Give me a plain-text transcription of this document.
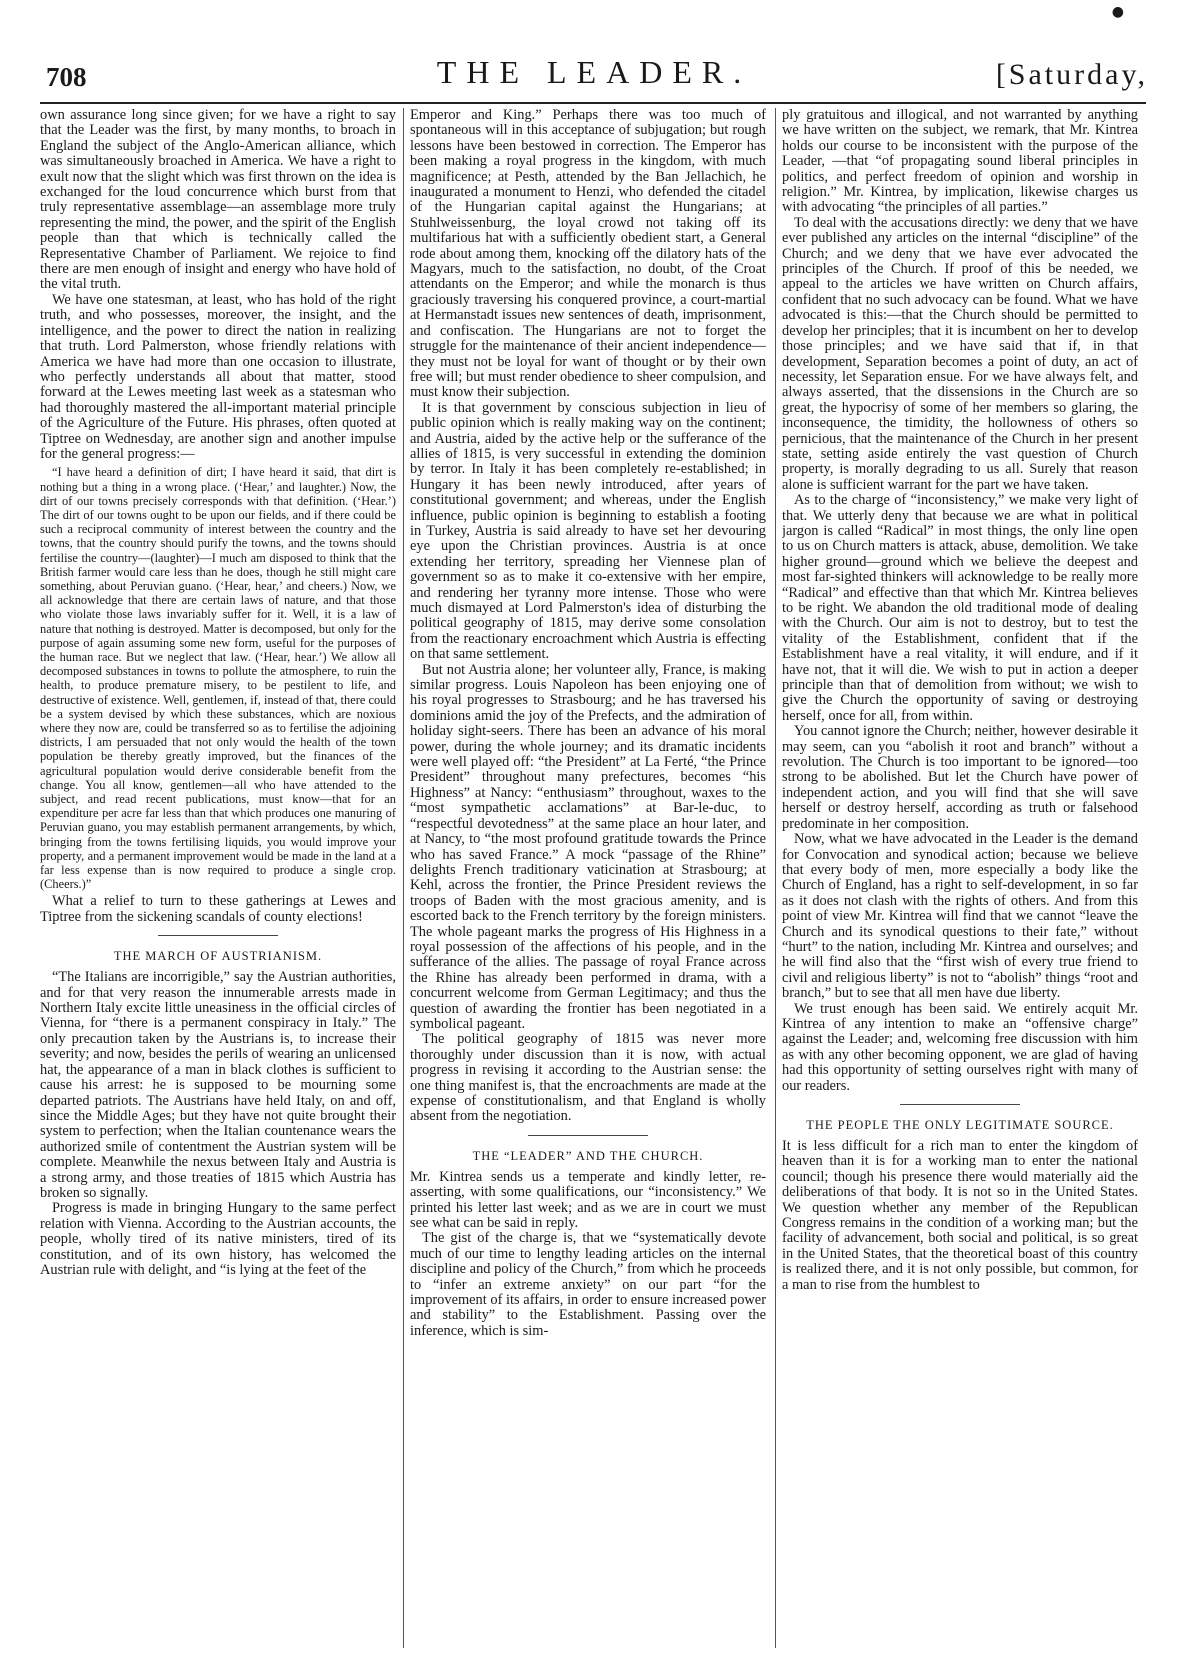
708	THE LEADER.	[Saturday,
●

own assurance long since given; for we have a right to say that the Leader was the first, by many months, to broach in England the subject of the Anglo-American alliance, which was simultaneously broached in America. We have a right to exult now that the slight which was first thrown on the idea is exchanged for the loud concurrence which burst from that truly representative assemblage—an assemblage more truly representing the mind, the power, and the spirit of the English people than that which is technically called the Representative Chamber of Parliament. We rejoice to find there are men enough of insight and energy who have hold of the vital truth.

We have one statesman, at least, who has hold of the right truth, and who possesses, moreover, the insight, and the intelligence, and the power to direct the nation in realizing that truth. Lord Palmerston, whose friendly relations with America we have had more than one occasion to illustrate, who perfectly understands all about that matter, stood forward at the Lewes meeting last week as a statesman who had thoroughly mastered the all-important material principle of the Agriculture of the Future. His phrases, often quoted at Tiptree on Wednesday, are another sign and another impulse for the general progress:—

“I have heard a definition of dirt; I have heard it said, that dirt is nothing but a thing in a wrong place. (‘Hear,’ and laughter.) Now, the dirt of our towns precisely corresponds with that definition. (‘Hear.’) The dirt of our towns ought to be upon our fields, and if there could be such a reciprocal community of interest between the country and the towns, that the country should purify the towns, and the towns should fertilise the country—(laughter)—I much am disposed to think that the British farmer would care less than he does, though he still might care something, about Peruvian guano. (‘Hear, hear,’ and cheers.) Now, we all acknowledge that there are certain laws of nature, and that those who violate those laws invariably suffer for it. Well, it is a law of nature that nothing is destroyed. Matter is decomposed, but only for the purpose of again assuming some new form, useful for the purposes of the human race. But we neglect that law. (‘Hear, hear.’) We allow all decomposed substances in towns to pollute the atmosphere, to ruin the health, to produce premature misery, to be pestilent to life, and destructive of existence. Well, gentlemen, if, instead of that, there could be a system devised by which these substances, which are noxious where they now are, could be transferred so as to fertilise the adjoining districts, I am persuaded that not only would the health of the town population be thereby greatly improved, but the finances of the agricultural population would derive considerable benefit from the change. You all know, gentlemen—all who have attended to the subject, and read recent publications, must know—that for an expenditure per acre far less than that which produces one manuring of Peruvian guano, you may establish permanent arrangements, by which, bringing from the towns fertilising liquids, you would improve your property, and a permanent improvement would be made in the land at a far less expense than is now required to produce a single crop. (Cheers.)”

What a relief to turn to these gatherings at Lewes and Tiptree from the sickening scandals of county elections!

THE MARCH OF AUSTRIANISM.

“The Italians are incorrigible,” say the Austrian authorities, and for that very reason the innumerable arrests made in Northern Italy excite little uneasiness in the official circles of Vienna, for “there is a permanent conspiracy in Italy.” The only precaution taken by the Austrians is, to increase their severity; and now, besides the perils of wearing an unlicensed hat, the appearance of a man in black clothes is sufficient to cause his arrest: he is supposed to be mourning some departed patriots. The Austrians have held Italy, on and off, since the Middle Ages; but they have not quite brought their system to perfection; when the Italian countenance wears the authorized smile of contentment the Austrian system will be complete. Meanwhile the nexus between Italy and Austria is a strong army, and those treaties of 1815 which Austria has broken so signally.

Progress is made in bringing Hungary to the same perfect relation with Vienna. According to the Austrian accounts, the people, wholly tired of its native ministers, tired of its constitution, and of its own history, has welcomed the Austrian rule with delight, and “is lying at the feet of the

Emperor and King.” Perhaps there was too much of spontaneous will in this acceptance of subjugation; but rough lessons have been bestowed in correction. The Emperor has been making a royal progress in the kingdom, with much magnificence; at Pesth, attended by the Ban Jellachich, he inaugurated a monument to Henzi, who defended the citadel of the Hungarian capital against the Hungarians; at Stuhlweissenburg, the loyal crowd not taking off its multifarious hat with a sufficiently obedient start, a General rode about among them, knocking off the dilatory hats of the Magyars, much to the satisfaction, no doubt, of the Croat attendants on the Emperor; and while the monarch is thus graciously traversing his conquered province, a court-martial at Hermanstadt issues new sentences of death, imprisonment, and confiscation. The Hungarians are not to forget the struggle for the maintenance of their ancient independence—they must not be loyal for want of thought or by their own free will; but must render obedience to sheer compulsion, and must know their subjection.

It is that government by conscious subjection in lieu of public opinion which is really making way on the continent; and Austria, aided by the active help or the sufferance of the allies of 1815, is very successful in extending the dominion by terror. In Italy it has been completely re-established; in Hungary it has been newly introduced, after years of constitutional government; and whereas, under the English influence, public opinion is beginning to establish a footing in Turkey, Austria is said already to have set her devouring eye upon the Christian provinces. Austria is at once extending her territory, spreading her Viennese plan of government so as to make it co-extensive with her empire, and rendering her tyranny more intense. Those who were much dismayed at Lord Palmerston's idea of disturbing the political geography of 1815, may derive some consolation from the reactionary encroachment which Austria is effecting on that same settlement.

But not Austria alone; her volunteer ally, France, is making similar progress. Louis Napoleon has been enjoying one of his royal progresses to Strasbourg; and he has traversed his dominions amid the joy of the Prefects, and the admiration of holiday sight-seers. There has been an advance of his moral power, during the whole journey; and its dramatic incidents were well played off: “the President” at La Ferté, “the Prince President” throughout many prefectures, becomes “his Highness” at Nancy: “enthusiasm” throughout, waxes to the “most sympathetic acclamations” at Bar-le-duc, to “respectful devotedness” at the same place an hour later, and at Nancy, to “the most profound gratitude towards the Prince who has saved France.” A mock “passage of the Rhine” delights French traditionary vaticination at Strasbourg; at Kehl, across the frontier, the Prince President reviews the troops of Baden with the most gracious amenity, and is escorted back to the French territory by the foreign ministers. The whole pageant marks the progress of His Highness in a royal possession of the affections of his people, and in the sufferance of the allies. The passage of royal France across the Rhine has already been performed in drama, with a concurrent welcome from German Legitimacy; and thus the question of awarding the frontier has been negotiated in a symbolical pageant.

The political geography of 1815 was never more thoroughly under discussion than it is now, with actual progress in revising it according to the Austrian sense: the one thing manifest is, that the encroachments are made at the expense of constitutionalism, and that England is wholly absent from the negotiation.

THE “LEADER” AND THE CHURCH.

Mr. Kintrea sends us a temperate and kindly letter, re-asserting, with some qualifications, our “inconsistency.” We printed his letter last week; and as we are in court we must see what can be said in reply.

The gist of the charge is, that we “systematically devote much of our time to lengthy leading articles on the internal discipline and policy of the Church,” from which he proceeds to “infer an extreme anxiety” on our part “for the improvement of its affairs, in order to ensure increased power and stability” to the Establishment. Passing over the inference, which is sim-

ply gratuitous and illogical, and not warranted by anything we have written on the subject, we remark, that Mr. Kintrea holds our course to be inconsistent with the purpose of the Leader, —that “of propagating sound liberal principles in politics, and perfect freedom of opinion and worship in religion.” Mr. Kintrea, by implication, likewise charges us with advocating “the principles of all parties.”

To deal with the accusations directly: we deny that we have ever published any articles on the internal “discipline” of the Church; and we deny that we have ever advocated the principles of the Church. If proof of this be needed, we appeal to the articles we have written on Church affairs, confident that no such advocacy can be found. What we have advocated is this:—that the Church should be permitted to develop her principles; that it is incumbent on her to develop those principles; and we have said that if, in that development, Separation becomes a point of duty, an act of necessity, let Separation ensue. For we have always felt, and always asserted, that the dissensions in the Church are so great, the hypocrisy of some of her members so glaring, the inconsequence, the timidity, the hollowness of others so pernicious, that the maintenance of the Church in her present state, setting aside entirely the vast question of Church property, is morally degrading to us all. Surely that reason alone is sufficient warrant for the part we have taken.

As to the charge of “inconsistency,” we make very light of that. We utterly deny that because we are what in political jargon is called “Radical” in most things, the only line open to us on Church matters is attack, abuse, demolition. We take higher ground—ground which we believe the deepest and most far-sighted thinkers will acknowledge to be really more “Radical” and effective than that which Mr. Kintrea believes to be right. We abandon the old traditional mode of dealing with the Church. Our aim is not to destroy, but to test the vitality of the Establishment, confident that if the Establishment have a real vitality, it will endure, and if it have not, that it will die. We wish to put in action a deeper principle than that of demolition from without; we wish to give the Church the opportunity of saving or destroying herself, once for all, from within.

You cannot ignore the Church; neither, however desirable it may seem, can you “abolish it root and branch” without a revolution. The Church is too important to be ignored—too strong to be abolished. But let the Church have power of independent action, and you will find that she will save herself or destroy herself, according as truth or falsehood predominate in her composition.

Now, what we have advocated in the Leader is the demand for Convocation and synodical action; because we believe that every body of men, more especially a body like the Church of England, has a right to self-development, in so far as it does not clash with the rights of others. And from this point of view Mr. Kintrea will find that we cannot “leave the Church and its synodical questions to their fate,” without “hurt” to the nation, including Mr. Kintrea and ourselves; and he will find also that the “first wish of every true friend to civil and religious liberty” is not to “abolish” things “root and branch,” but to see that all men have due liberty.

We trust enough has been said. We entirely acquit Mr. Kintrea of any intention to make an “offensive charge” against the Leader; and, welcoming free discussion with him as with any other becoming opponent, we are glad of having had this opportunity of setting ourselves right with many of our readers.

THE PEOPLE THE ONLY LEGITIMATE SOURCE.

It is less difficult for a rich man to enter the kingdom of heaven than it is for a working man to enter the national council; though his presence there would materially aid the deliberations of that body. It is not so in the United States. We question whether any member of the Republican Congress remains in the condition of a working man; but the facility of advancement, both social and political, is so great in the United States, that the theoretical boast of this country is realized there, and it is not only possible, but common, for a man to rise from the humblest to
